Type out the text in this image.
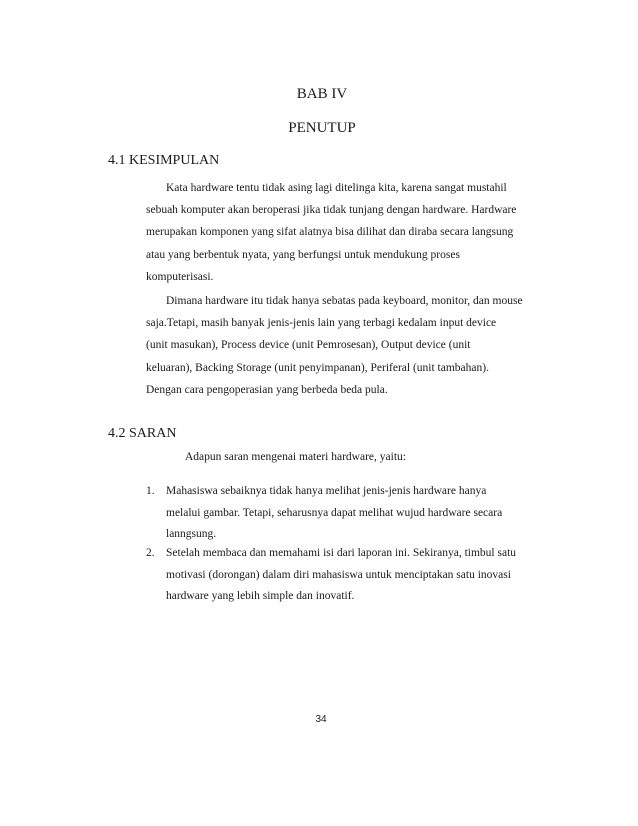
BAB IV
PENUTUP
4.1 KESIMPULAN

Kata hardware tentu tidak asing lagi ditelinga kita, karena sangat mustahil
sebuah komputer akan beroperasi jika tidak tunjang dengan hardware. Hardware
merupakan komponen yang sifat alatnya bisa dilihat dan diraba secara langsung
atau yang berbentuk nyata, yang berfungsi untuk mendukung proses
komputerisasi.

Dimana hardware itu tidak hanya sebatas pada keyboard, monitor, dan mouse
saja.Tetapi, masih banyak jenis-jenis lain yang terbagi kedalam input device
(unit masukan), Process device (unit Pemrosesan), Output device (unit
keluaran), Backing Storage (unit penyimpanan), Periferal (unit tambahan).
Dengan cara pengoperasian yang berbeda beda pula.

4.2 SARAN
Adapun saran mengenai materi hardware, yaitu:
1. Mahasiswa sebaiknya tidak hanya melihat jenis-jenis hardware hanya
melalui gambar. Tetapi, seharusnya dapat melihat wujud hardware secara
lanngsung.
2. Setelah membaca dan memahami isi dari laporan ini. Sekiranya, timbul satu
motivasi (dorongan) dalam diri mahasiswa untuk menciptakan satu inovasi
hardware yang lebih simple dan inovatif.
34
